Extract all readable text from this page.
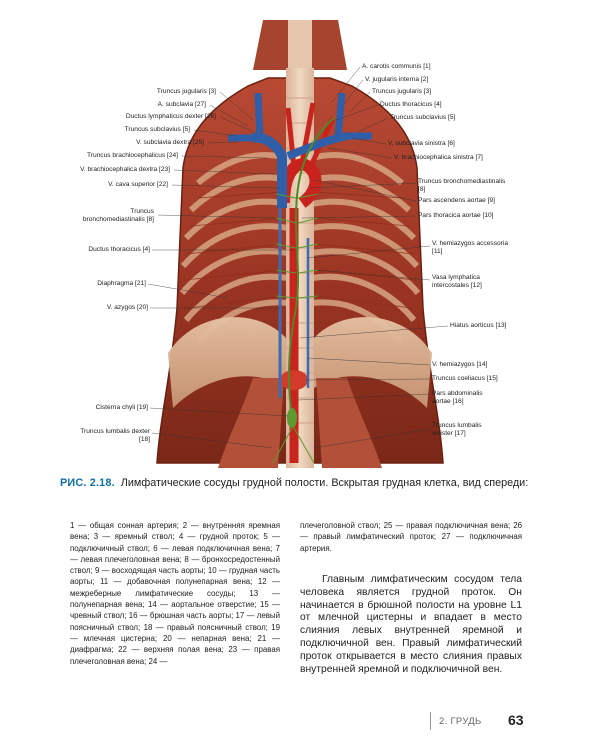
Truncus jugularis [3]
A. subclavia [27]
Ductus lymphaticus dexter [26]
Truncus subclavius [5]
V. subclavia dextra [25]
Truncus brachiocephalicus [24]
V. brachiocephalica dextra [23]
V. cava superior [22]
Truncus bronchomediastinalis [8]
Ductus thoracicus [4]
Diaphragma [21]
V. azygos [20]
Cisterna chyli [19]
Truncus lumbalis dexter [18]
A. carotis communis [1]
V. jugularis interna [2]
Truncus jugularis [3]
Ductus thoracicus [4]
Truncus subclavius [5]
V. subclavia sinistra [6]
V. brachiocephalica sinistra [7]
Truncus bronchomediastinalis [8]
Pars ascendens aortae [9]
Pars thoracica aortae [10]
V. hemiazygos accessoria [11]
Vasa lymphatica intercostales [12]
Hiatus aorticus [13]
V. hemiazygos [14]
Truncus coeliacus [15]
Pars abdominalis aortae [16]
Truncus lumbalis sinister [17]
РИС. 2.18. Лимфатические сосуды грудной полости. Вскрытая грудная клетка, вид спереди:
1 — общая сонная артерия; 2 — внутренняя яремная вена; 3 — яремный ствол; 4 — грудной проток; 5 — подключичный ствол; 6 — левая подключичная вена; 7 — левая плечеголовная вена; 8 — бронхосредостенный ствол; 9 — восходящая часть аорты; 10 — грудная часть аорты; 11 — добавочная полунепарная вена; 12 — межреберные лимфатические сосуды; 13 — полунепарная вена; 14 — аортальное отверстие; 15 — чревный ствол; 16 — брюшная часть аорты; 17 — левый поясничный ствол; 18 — правый поясничный ствол; 19 — млечная цистерна; 20 — непарная вена; 21 — диафрагма; 22 — верхняя полая вена; 23 — правая плечеголовная вена; 24 —
плечеголовной ствол; 25 — правая подключичная вена; 26 — правый лимфатический проток; 27 — подключичная артерия.
Главным лимфатическим сосудом тела человека является грудной проток. Он начинается в брюшной полости на уровне L1 от млечной цистерны и впадает в место слияния левых внутренней яремной и подключичной вен. Правый лимфатический проток открывается в место слияния правых внутренней яремной и подключичной вен.
2. ГРУДЬ 63
